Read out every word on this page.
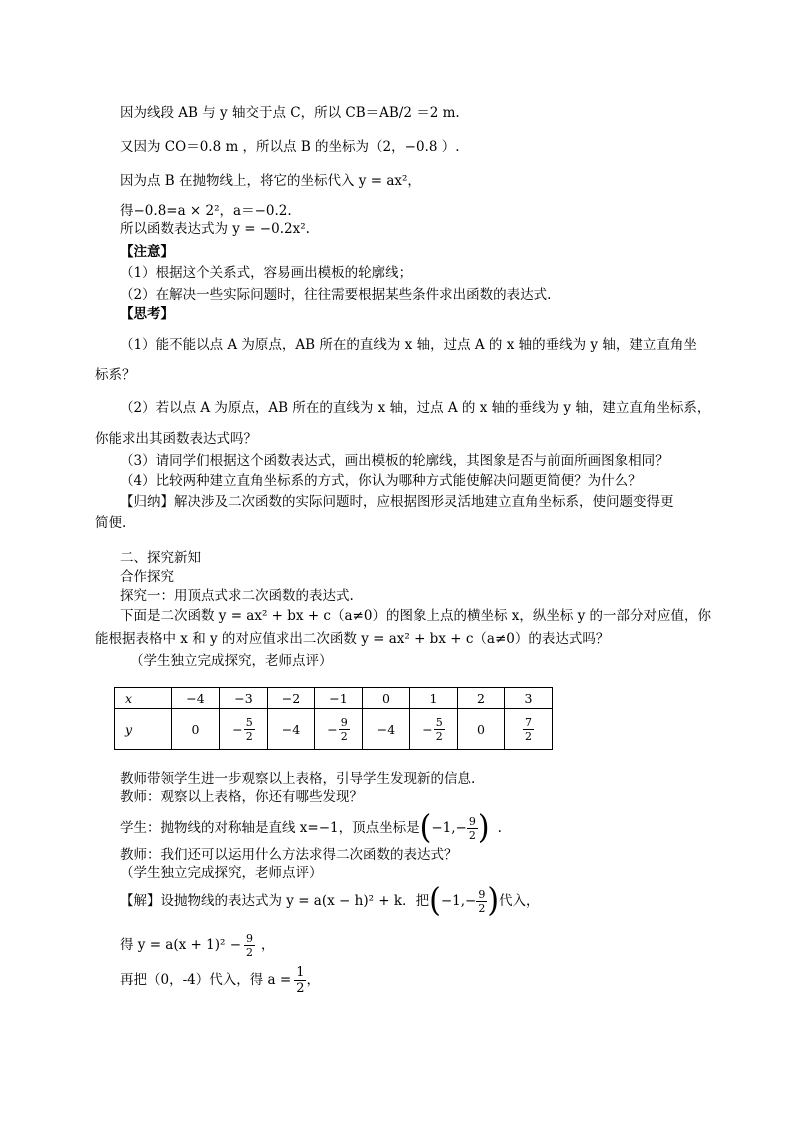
因为线段 AB 与 y 轴交于点 C，所以 CB＝AB/2 ＝2 m.
又因为 CO＝0.8 m ，所以点 B 的坐标为（2，−0.8 ）.
因为点 B 在抛物线上，将它的坐标代入 y = ax²，
得−0.8=a × 2²，a＝−0.2.
所以函数表达式为 y = −0.2x².
【注意】
（1）根据这个关系式，容易画出模板的轮廓线；
（2）在解决一些实际问题时，往往需要根据某些条件求出函数的表达式.
【思考】
（1）能不能以点 A 为原点，AB 所在的直线为 x 轴，过点 A 的 x 轴的垂线为 y 轴，建立直角坐
标系？
（2）若以点 A 为原点，AB 所在的直线为 x 轴，过点 A 的 x 轴的垂线为 y 轴，建立直角坐标系，
你能求出其函数表达式吗？
（3）请同学们根据这个函数表达式，画出模板的轮廓线，其图象是否与前面所画图象相同？
（4）比较两种建立直角坐标系的方式，你认为哪种方式能使解决问题更简便？为什么？
【归纳】解决涉及二次函数的实际问题时，应根据图形灵活地建立直角坐标系，使问题变得更
简便.
二、探究新知
合作探究
探究一：用顶点式求二次函数的表达式.
下面是二次函数 y = ax² + bx + c（a≠0）的图象上点的横坐标 x，纵坐标 y 的一部分对应值，你
能根据表格中 x 和 y 的对应值求出二次函数 y = ax² + bx + c（a≠0）的表达式吗？
（学生独立完成探究，老师点评）
x	−4	−3	−2	−1	0	1	2	3
y	0	− $\frac{5}{2}$	−4	− $\frac{9}{2}$	−4	− $\frac{5}{2}$	0	$\frac{7}{2}$
教师带领学生进一步观察以上表格，引导学生发现新的信息.
教师：观察以上表格，你还有哪些发现？
学生：抛物线的对称轴是直线 x=−1，顶点坐标是 ( $-1,- \frac{9}{2}$ ) .
教师：我们还可以运用什么方法求得二次函数的表达式？
（学生独立完成探究，老师点评）
【解】设抛物线的表达式为 y = a(x − h)² + k．把 ( $-1,- \frac{9}{2}$ ) 代入，
得 $y = a(x + 1)^2 - \frac{9}{2}$ ，
再把（0，-4）代入，得 $a = \frac{1}{2}$ ，
